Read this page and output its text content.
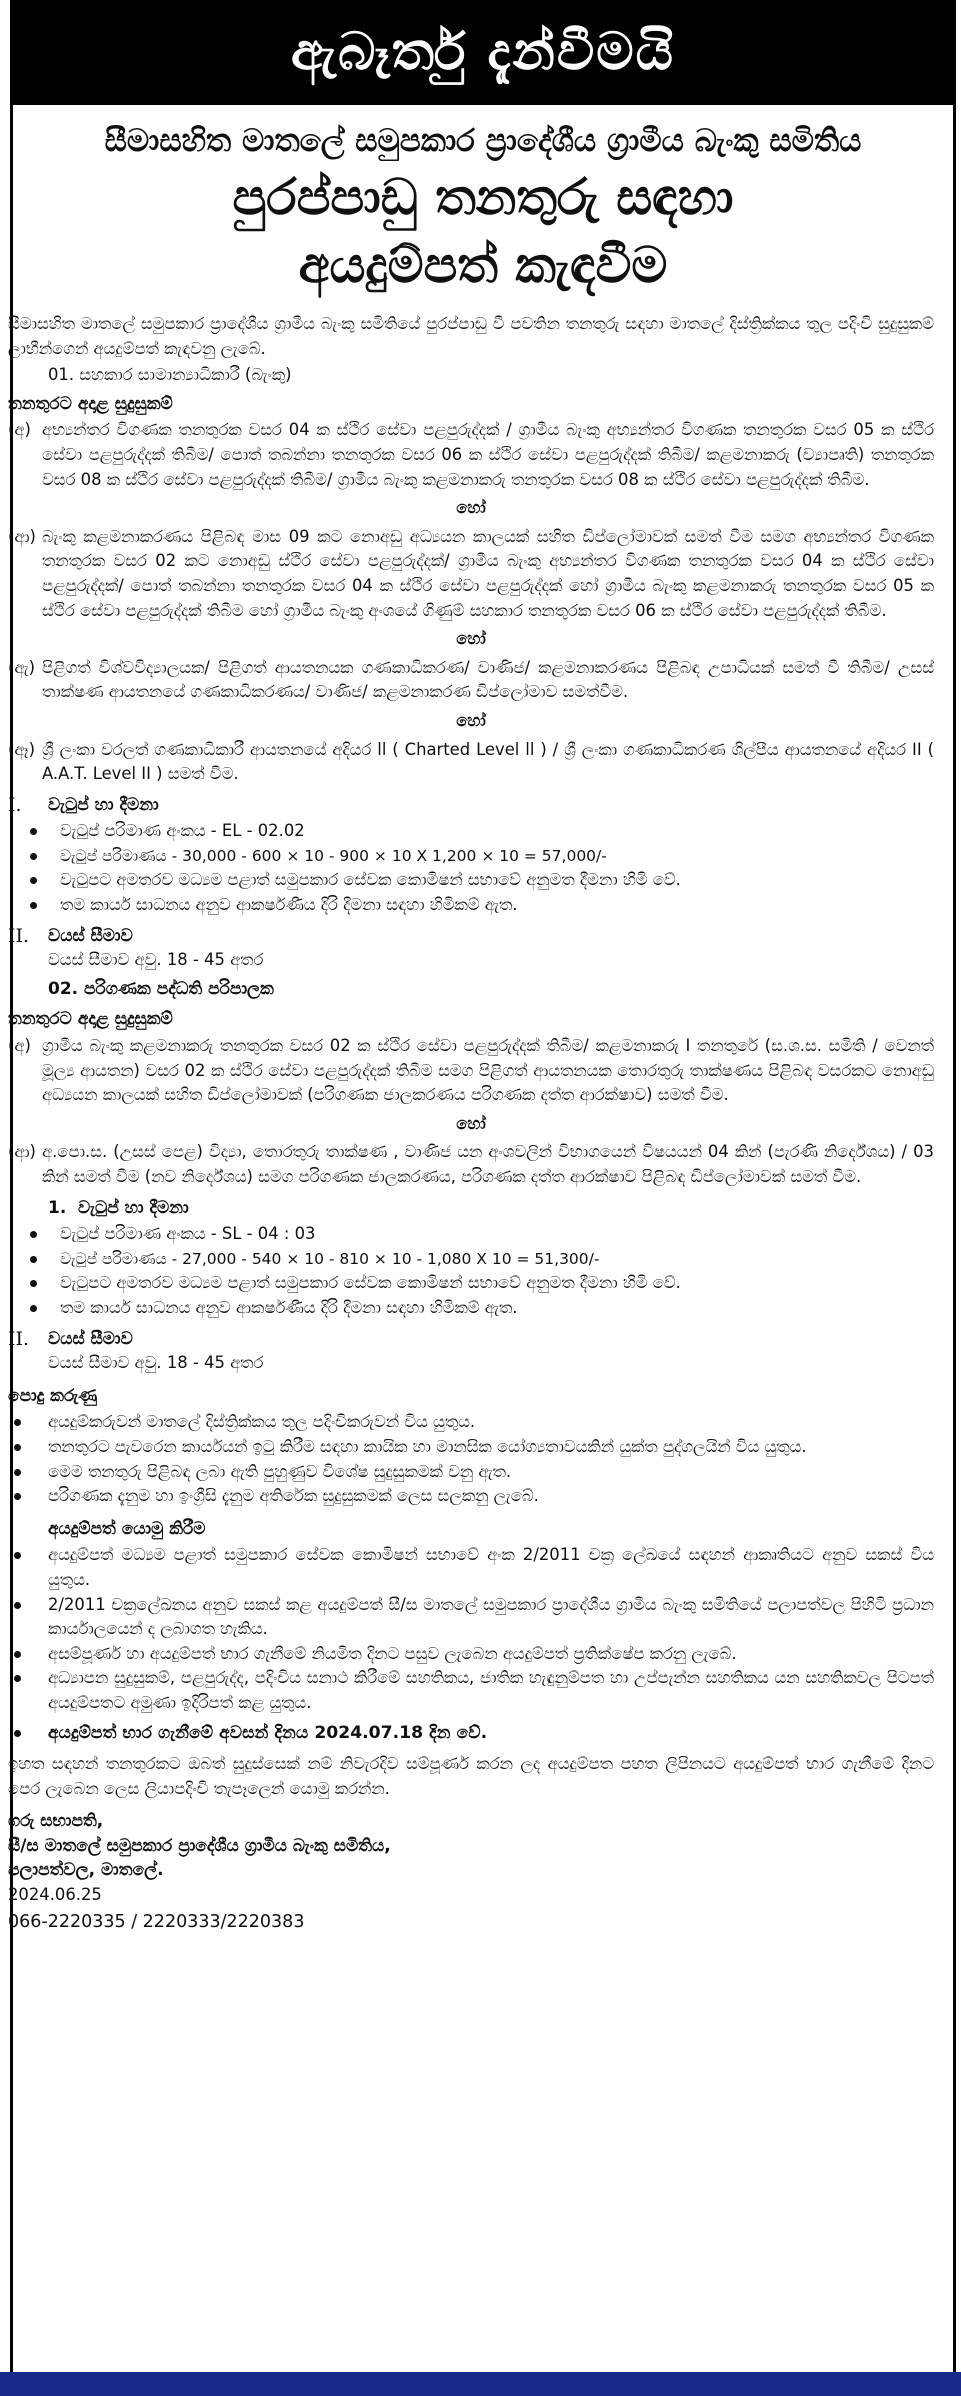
ඇබෑර්තු දැන්වීමයි
සීමාසහිත මාතලේ සමුපකාර ප්‍රාදේශීය ග්‍රාමීය බැංකු සමිතිය
පුරප්පාඩු තනතුරු සඳහා
අයදුම්පත් කැඳවීම
සීමාසහිත මාතලේ සමුපකාර ප්‍රාදේශීය ග්‍රාමීය බැංකු සමිතියේ පුරප්පාඩු වී පවතින තනතුරු සඳහා මාතලේ දිස්ත්‍රික්කය තුල පදිංචි සුදුසුකම් ලාභීන්ගෙන් අයදුම්පත් කැඳවනු ලැබේ.
01. සහකාර සාමාන්‍යාධිකාරී (බැංකු)
තනතුරට අදාළ සුදුසුකම්
(අ) අභ්‍යන්තර විගණක තනතුරක වසර 04 ක ස්ථිර සේවා පළපුරුද්දක් / ග්‍රාමීය බැංකු අභ්‍යන්තර විගණක තනතුරක වසර 05 ක ස්ථිර සේවා පළපුරුද්දක් තිබීම/ පොත් තබන්නා තනතුරක වසර 06 ක ස්ථිර සේවා පළපුරුද්දක් තිබීම/ කළමනාකරු (ව්‍යාපෘති) තනතුරක වසර 08 ක ස්ථිර සේවා පළපුරුද්දක් තිබීම/ ග්‍රාමීය බැංකු කළමනාකරු තනතුරක වසර 08 ක ස්ථිර සේවා පළපුරුද්දක් තිබීම.
හෝ
(ආ) බැංකු කළමනාකරණය පිළිබඳ මාස 09 කට නොඅඩු අධ්‍යයන කාලයක් සහිත ඩිප්ලෝමාවක් සමත් වීම සමග අභ්‍යන්තර විගණක තනතුරක වසර 02 කට නොඅඩු ස්ථිර සේවා පළපුරුද්දක්/ ග්‍රාමීය බැංකු අභ්‍යන්තර විගණක තනතුරක වසර 04 ක ස්ථිර සේවා පළපුරුද්දක්/ පොත් තබන්නා තනතුරක වසර 04 ක ස්ථිර සේවා පළපුරුද්දක් හෝ ග්‍රාමීය බැංකු කළමනාකරු තනතුරක වසර 05 ක ස්ථිර සේවා පළපුරුද්දක් තිබීම හෝ ග්‍රාමීය බැංකු අංශයේ ගිණුම් සහකාර තනතුරක වසර 06 ක ස්ථිර සේවා පළපුරුද්දක් තිබීම.
හෝ
(ඇ) පිළිගත් විශ්වවිද්‍යාලයක/ පිළිගත් ආයතනයක ගණකාධිකරණ/ වාණිජ/ කළමනාකරණය පිළිබඳ උපාධියක් සමත් වී තිබීම/ උසස් තාක්ෂණ ආයතනයේ ගණකාධිකරණය/ වාණිජ/ කළමනාකරණ ඩිප්ලෝමාව සමත්වීම.
හෝ
(ඈ) ශ්‍රී ලංකා වරලත් ගණකාධිකාරී ආයතනයේ අදියර ll ( Charted Level ll ) / ශ්‍රී ලංකා ගණකාධිකරණ ශිල්පීය ආයතනයේ අදියර II ( A.A.T. Level II ) සමත් වීම.
I.	වැටුප් හා දීමනා
වැටුප් පරිමාණ අංකය - EL - 02.02
වැටුප් පරිමාණය - 30,000 - 600 × 10 - 900 × 10 X 1,200 × 10 = 57,000/-
වැටුපට අමතරව මධ්‍යම පළාත් සමුපකාර සේවක කොමිෂන් සභාවේ අනුමත දීමනා හිමි වේ.
තම කාර්ය සාධනය අනුව ආකර්ෂණීය දිරි දීමනා සඳහා හිමිකම් ඇත.
II.	වයස් සීමාව
වයස් සීමාව අවු. 18 - 45 අතර
02. පරිගණක පද්ධති පරිපාලක
තනතුරට අදාළ සුදුසුකම්
(අ) ග්‍රාමීය බැංකු කළමනාකරු තනතුරක වසර 02 ක ස්ථිර සේවා පළපුරුද්දක් තිබීම/ කළමනාකරු I තනතුරේ (ස.ශ.ස. සමිති / වෙනත් මූල්‍ය ආයතන) වසර 02 ක ස්ථිර සේවා පළපුරුද්දක් තිබීම සමග පිළිගත් ආයතනයක තොරතුරු තාක්ෂණය පිළිබඳ වසරකට නොඅඩු අධ්‍යයන කාලයක් සහිත ඩිප්ලෝමාවක් (පරිගණක ජාලකරණය පරිගණක දත්ත ආරක්ෂාව) සමත් වීම.
හෝ
(ආ) අ.පො.ස. (උසස් පෙළ) විද්‍යා, තොරතුරු තාක්ෂණ , වාණිජ යන අංශවලින් විභාගයෙන් විෂයයන් 04 කින් (පැරණි නිර්දේශය) / 03 කින් සමත් වීම (නව නිර්දේශය) සමග පරිගණක ජාලකරණය, පරිගණක දත්ත ආරක්ෂාව පිළිබඳ ඩිප්ලෝමාවක් සමත් වීම.
1. වැටුප් හා දීමනා
වැටුප් පරිමාණ අංකය - SL - 04 : 03
වැටුප් පරිමාණය - 27,000 - 540 × 10 - 810 × 10 - 1,080 X 10 = 51,300/-
වැටුපට අමතරව මධ්‍යම පළාත් සමුපකාර සේවක කොමිෂන් සභාවේ අනුමත දීමනා හිමි වේ.
තම කාර්ය සාධනය අනුව ආකර්ෂණීය දිරි දීමනා සඳහා හිමිකම් ඇත.
II.	වයස් සීමාව
වයස් සීමාව අවු. 18 - 45 අතර
පොදු කරුණු
අයදුම්කරුවන් මාතලේ දිස්ත්‍රික්කය තුල පදිංචිකරුවන් විය යුතුය.
තනතුරට පැවරෙන කාර්යයන් ඉටු කිරීම සඳහා කායික හා මානසික යෝග්‍යතාවයකින් යුක්ත පුද්ගලයින් විය යුතුය.
මෙම තනතුරු පිළිබඳ ලබා ඇති පුහුණුව විශේෂ සුදුසුකමක් වනු ඇත.
පරිගණක දැනුම හා ඉංග්‍රීසි දැනුම අතිරේක සුදුසුකමක් ලෙස සලකනු ලැබේ.
අයදුම්පත් යොමු කිරීම
අයදුම්පත් මධ්‍යම පළාත් සමුපකාර සේවක කොමිෂන් සභාවේ අංක 2/2011 චක්‍ර ලේඛයේ සඳහන් ආකෘතියට අනුව සකස් විය යුතුය.
2/2011 චක්‍රලේඛනය අනුව සකස් කළ අයදුම්පත් සී/ස මාතලේ සමුපකාර ප්‍රාදේශීය ග්‍රාමීය බැංකු සමිතියේ පලාපත්වල පිහිටි ප්‍රධාන කාර්යාලයෙන් ද ලබාගත හැකිය.
අසම්පූර්ණ හා අයදුම්පත් භාර ගැනීමේ නියමිත දිනට පසුව ලැබෙන අයදුම්පත් ප්‍රතික්ෂේප කරනු ලැබේ.
අධ්‍යාපන සුදුසුකම්, පළපුරුද්ද, පදිංචිය සනාථ කිරීමේ සහතිකය, ජාතික හැඳුනුම්පත හා උප්පැන්න සහතිකය යන සහතිකවල පිටපත් අයදුම්පතට අමුණා ඉදිරිපත් කළ යුතුය.
අයදුම්පත් භාර ගැනීමේ අවසන් දිනය 2024.07.18 දින වේ.
ඉහත සඳහන් තනතුරකට ඔබත් සුදුස්සෙක් නම් නිවැරදිව සම්පූර්ණ කරන ලද අයදුම්පත පහත ලිපිනයට අයදුම්පත් භාර ගැනීමේ දිනට පෙර ලැබෙන ලෙස ලියාපදිංචි තැපෑලෙන් යොමු කරන්න.
ගරු සභාපති,
සී/ස මාතලේ සමුපකාර ප්‍රාදේශීය ග්‍රාමීය බැංකු සමිතිය,
පලාපත්වල, මාතලේ.
2024.06.25
066-2220335 / 2220333/2220383
